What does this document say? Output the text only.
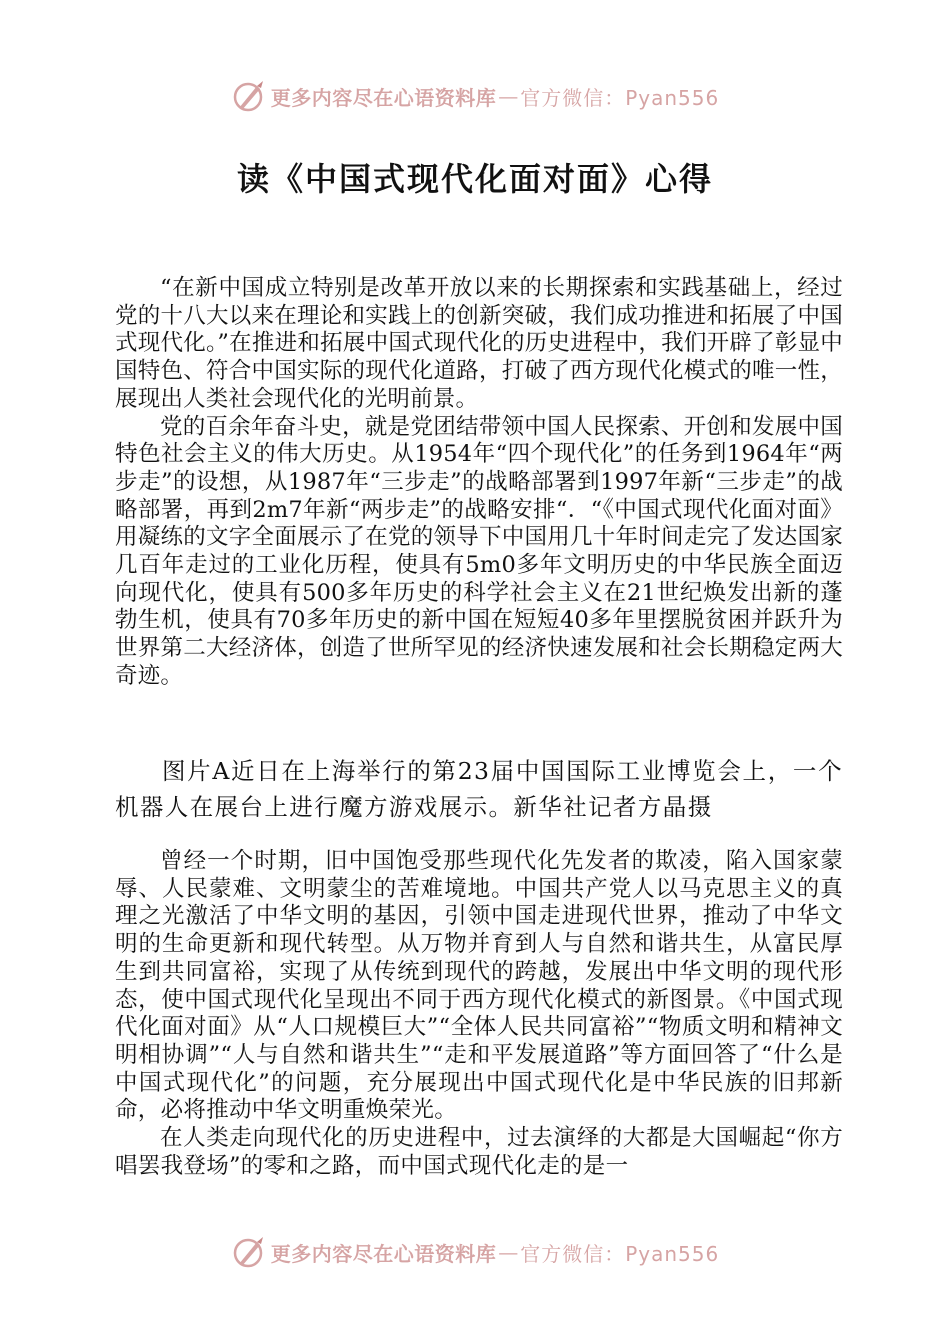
更多内容尽在心语资料库 — 官方微信：Pyan556
读《中国式现代化面对面》心得

“在新中国成立特别是改革开放以来的长期探索和实践基础上，经过党的十八大以来在理论和实践上的创新突破，我们成功推进和拓展了中国式现代化。”在推进和拓展中国式现代化的历史进程中，我们开辟了彰显中国特色、符合中国实际的现代化道路，打破了西方现代化模式的唯一性，展现出人类社会现代化的光明前景。

党的百余年奋斗史，就是党团结带领中国人民探索、开创和发展中国特色社会主义的伟大历史。从1954年“四个现代化”的任务到1964年“两步走”的设想，从1987年“三步走”的战略部署到1997年新“三步走”的战略部署，再到2m7年新“两步走”的战略安排“．“《中国式现代化面对面》用凝练的文字全面展示了在党的领导下中国用几十年时间走完了发达国家几百年走过的工业化历程，使具有5m0多年文明历史的中华民族全面迈向现代化，使具有500多年历史的科学社会主义在21世纪焕发出新的蓬勃生机，使具有70多年历史的新中国在短短40多年里摆脱贫困并跃升为世界第二大经济体，创造了世所罕见的经济快速发展和社会长期稳定两大奇迹。

图片A近日在上海举行的第23届中国国际工业博览会上，一个机器人在展台上进行魔方游戏展示。新华社记者方晶摄

曾经一个时期，旧中国饱受那些现代化先发者的欺凌，陷入国家蒙辱、人民蒙难、文明蒙尘的苦难境地。中国共产党人以马克思主义的真理之光激活了中华文明的基因，引领中国走进现代世界，推动了中华文明的生命更新和现代转型。从万物并育到人与自然和谐共生，从富民厚生到共同富裕，实现了从传统到现代的跨越，发展出中华文明的现代形态，使中国式现代化呈现出不同于西方现代化模式的新图景。《中国式现代化面对面》从“人口规模巨大”“全体人民共同富裕”“物质文明和精神文明相协调”“人与自然和谐共生”“走和平发展道路”等方面回答了“什么是中国式现代化”的问题，充分展现出中国式现代化是中华民族的旧邦新命，必将推动中华文明重焕荣光。

在人类走向现代化的历史进程中，过去演绎的大都是大国崛起“你方唱罢我登场”的零和之路，而中国式现代化走的是一

更多内容尽在心语资料库 — 官方微信：Pyan556
